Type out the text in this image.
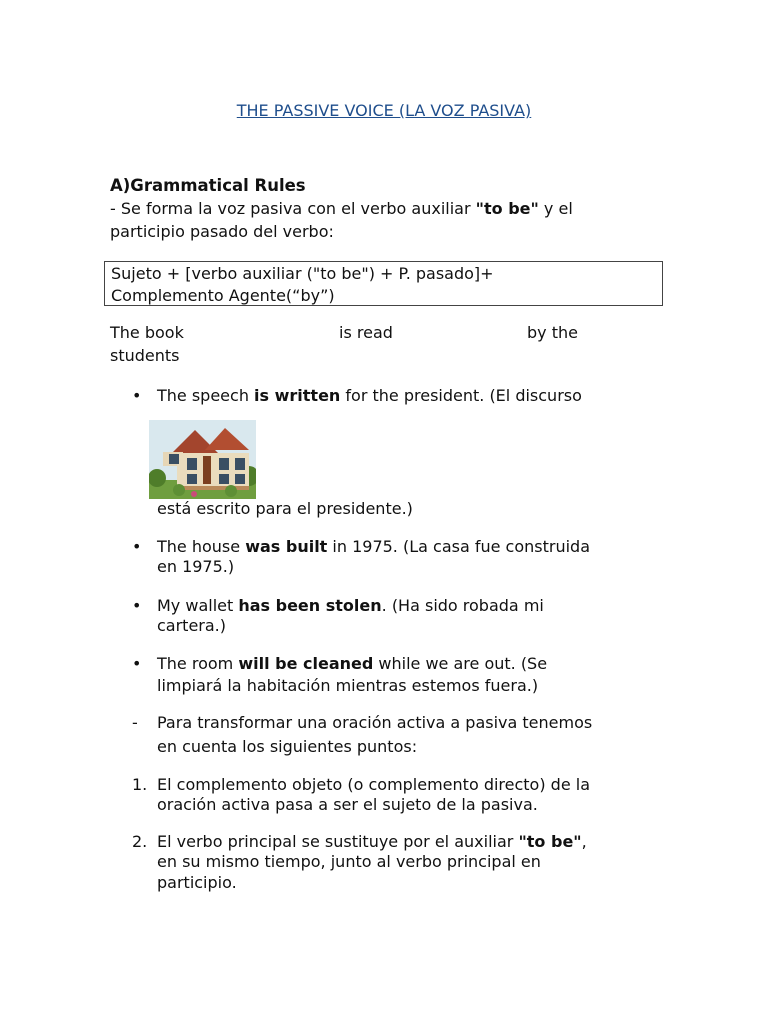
THE PASSIVE VOICE (LA VOZ PASIVA)
A)Grammatical Rules
- Se forma la voz pasiva con el verbo auxiliar "to be" y el
participio pasado del verbo:
Sujeto + [verbo auxiliar ("to be") + P. pasado]+
Complemento Agente(“by”)
The book	is read	by the
students
• The speech is written for the president. (El discurso
está escrito para el presidente.)
• The house was built in 1975. (La casa fue construida
en 1975.)
• My wallet has been stolen. (Ha sido robada mi
cartera.)
• The room will be cleaned while we are out. (Se
limpiará la habitación mientras estemos fuera.)
- Para transformar una oración activa a pasiva tenemos
en cuenta los siguientes puntos:
1. El complemento objeto (o complemento directo) de la
oración activa pasa a ser el sujeto de la pasiva.
2. El verbo principal se sustituye por el auxiliar "to be",
en su mismo tiempo, junto al verbo principal en
participio.
